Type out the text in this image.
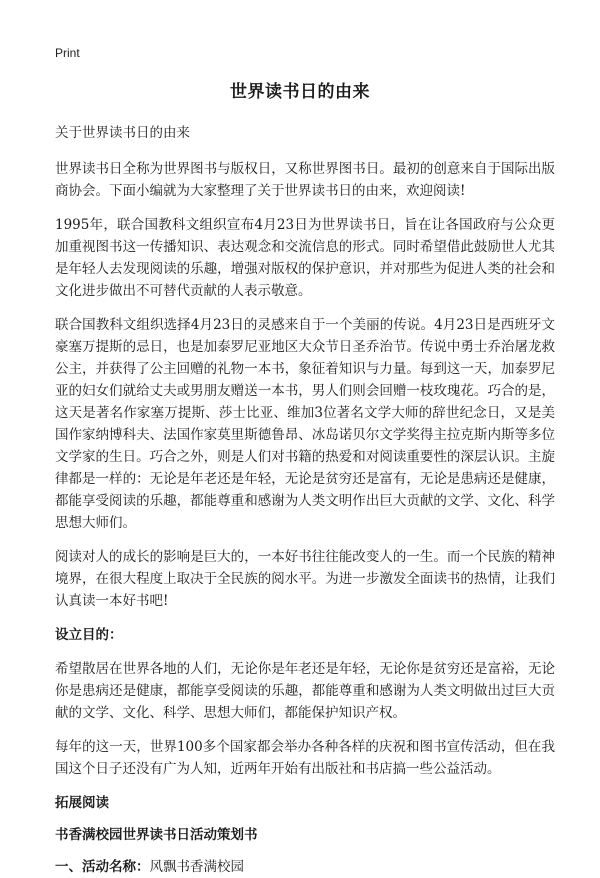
Print
世界读书日的由来

关于世界读书日的由来

世界读书日全称为世界图书与版权日，又称世界图书日。最初的创意来自于国际出版商协会。下面小编就为大家整理了关于世界读书日的由来，欢迎阅读!

1995年，联合国教科文组织宣布4月23日为世界读书日，旨在让各国政府与公众更加重视图书这一传播知识、表达观念和交流信息的形式。同时希望借此鼓励世人尤其是年轻人去发现阅读的乐趣，增强对版权的保护意识，并对那些为促进人类的社会和文化进步做出不可替代贡献的人表示敬意。

联合国教科文组织选择4月23日的灵感来自于一个美丽的传说。4月23日是西班牙文豪塞万提斯的忌日，也是加泰罗尼亚地区大众节日圣乔治节。传说中勇士乔治屠龙救公主，并获得了公主回赠的礼物一本书，象征着知识与力量。每到这一天，加泰罗尼亚的妇女们就给丈夫或男朋友赠送一本书，男人们则会回赠一枝玫瑰花。巧合的是，这天是著名作家塞万提斯、莎士比亚、维加3位著名文学大师的辞世纪念日，又是美国作家纳博科夫、法国作家莫里斯德鲁昂、冰岛诺贝尔文学奖得主拉克斯内斯等多位文学家的生日。巧合之外，则是人们对书籍的热爱和对阅读重要性的深层认识。主旋律都是一样的：无论是年老还是年轻，无论是贫穷还是富有，无论是患病还是健康，都能享受阅读的乐趣，都能尊重和感谢为人类文明作出巨大贡献的文学、文化、科学思想大师们。

阅读对人的成长的影响是巨大的，一本好书往往能改变人的一生。而一个民族的精神境界，在很大程度上取决于全民族的阅水平。为进一步激发全面读书的热情，让我们认真读一本好书吧!

设立目的：

希望散居在世界各地的人们，无论你是年老还是年轻，无论你是贫穷还是富裕，无论你是患病还是健康，都能享受阅读的乐趣，都能尊重和感谢为人类文明做出过巨大贡献的文学、文化、科学、思想大师们，都能保护知识产权。

每年的这一天，世界100多个国家都会举办各种各样的庆祝和图书宣传活动，但在我国这个日子还没有广为人知，近两年开始有出版社和书店搞一些公益活动。

拓展阅读
书香满校园世界读书日活动策划书
一、活动名称：风飘书香满校园
